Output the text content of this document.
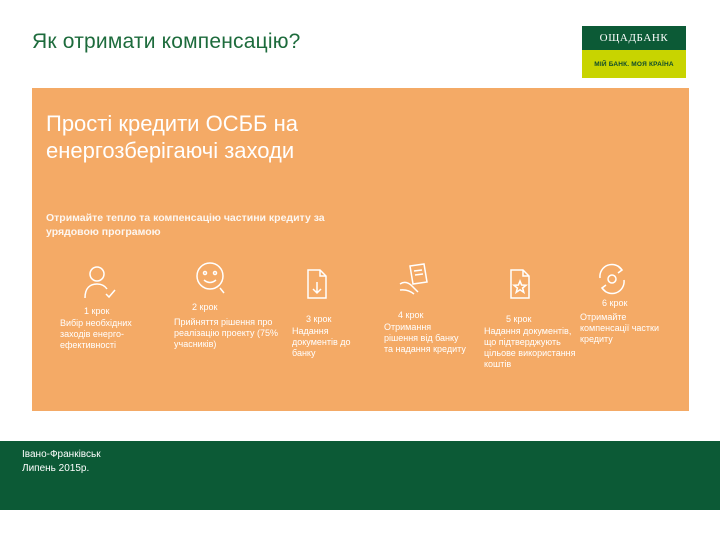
Як отримати компенсацію?	ОЩАДБАНК
МІЙ БАНК. МОЯ КРАЇНА
Прості кредити ОСББ на енергозберігаючі заходи
Отримайте тепло та компенсацію частини кредиту за урядовою програмою
1 крок
Вибір необхідних заходів енерго-ефективності
2 крок
Прийняття рішення про реалізацію проекту (75% учасників)
3 крок
Надання документів до банку
4 крок
Отримання рішення від банку та надання кредиту
5 крок
Надання документів, що підтверджують цільове використання коштів
6 крок
Отримайте компенсації частки кредиту
Івано-Франківськ
Липень 2015р.
